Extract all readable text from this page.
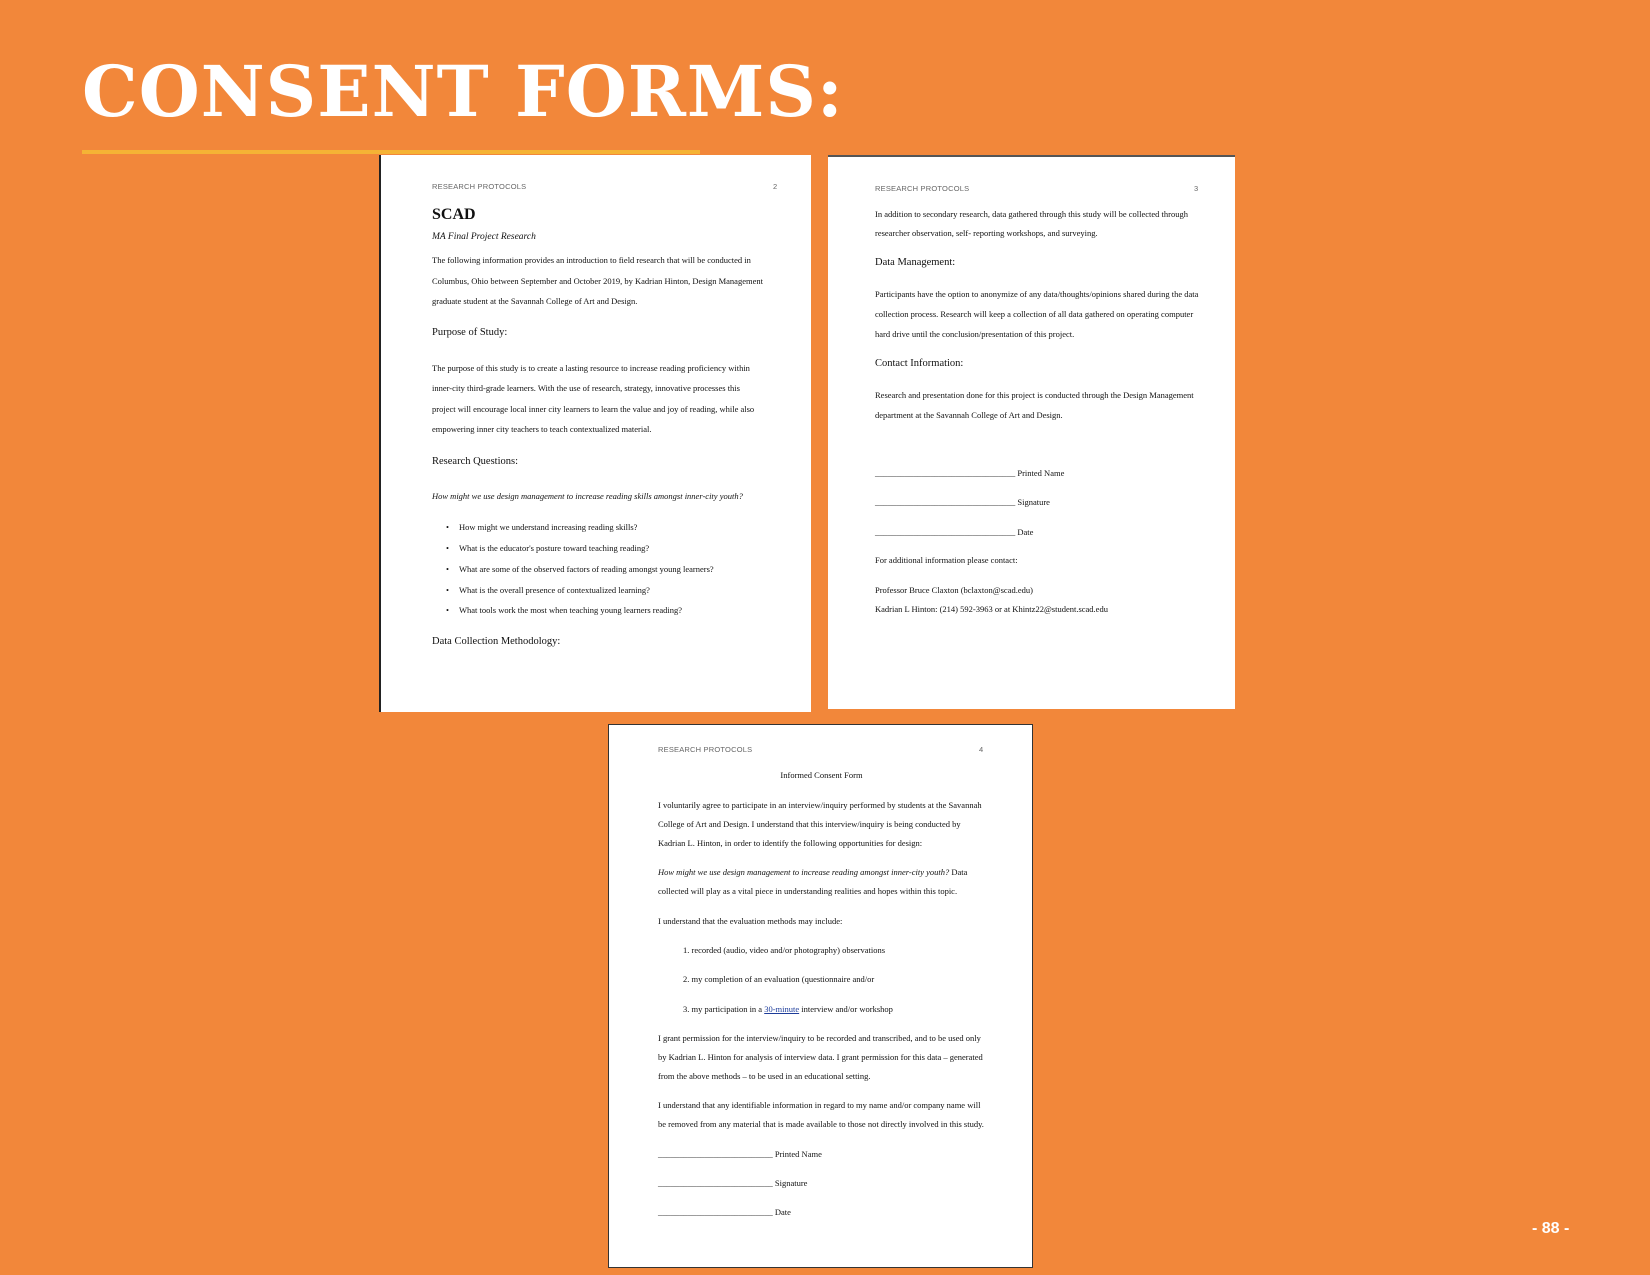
CONSENT FORMS:
RESEARCH PROTOCOLS	2
SCAD
MA Final Project Research
The following information provides an introduction to field research that will be conducted in
Columbus, Ohio between September and October 2019, by Kadrian Hinton, Design Management
graduate student at the Savannah College of Art and Design.
Purpose of Study:
The purpose of this study is to create a lasting resource to increase reading proficiency within
inner-city third-grade learners. With the use of research, strategy, innovative processes this
project will encourage local inner city learners to learn the value and joy of reading, while also
empowering inner city teachers to teach contextualized material.
Research Questions:
How might we use design management to increase reading skills amongst inner-city youth?
• How might we understand increasing reading skills?
• What is the educator's posture toward teaching reading?
• What are some of the observed factors of reading amongst young learners?
• What is the overall presence of contextualized learning?
• What tools work the most when teaching young learners reading?
Data Collection Methodology:
RESEARCH PROTOCOLS	3
In addition to secondary research, data gathered through this study will be collected through
researcher observation, self- reporting workshops, and surveying.
Data Management:
Participants have the option to anonymize of any data/thoughts/opinions shared during the data
collection process. Research will keep a collection of all data gathered on operating computer
hard drive until the conclusion/presentation of this project.
Contact Information:
Research and presentation done for this project is conducted through the Design Management
department at the Savannah College of Art and Design.
_________________________________ Printed Name
_________________________________ Signature
_________________________________ Date
For additional information please contact:
Professor Bruce Claxton (bclaxton@scad.edu)
Kadrian L Hinton: (214) 592-3963 or at Khintz22@student.scad.edu
RESEARCH PROTOCOLS	4
Informed Consent Form
I voluntarily agree to participate in an interview/inquiry performed by students at the Savannah
College of Art and Design. I understand that this interview/inquiry is being conducted by
Kadrian L. Hinton, in order to identify the following opportunities for design:
How might we use design management to increase reading amongst inner-city youth? Data
collected will play as a vital piece in understanding realities and hopes within this topic.
I understand that the evaluation methods may include:
1. recorded (audio, video and/or photography) observations
2. my completion of an evaluation (questionnaire and/or
3. my participation in a 30-minute interview and/or workshop
I grant permission for the interview/inquiry to be recorded and transcribed, and to be used only
by Kadrian L. Hinton for analysis of interview data. I grant permission for this data – generated
from the above methods – to be used in an educational setting.
I understand that any identifiable information in regard to my name and/or company name will
be removed from any material that is made available to those not directly involved in this study.
___________________________ Printed Name
___________________________ Signature
___________________________ Date
- 88 -
